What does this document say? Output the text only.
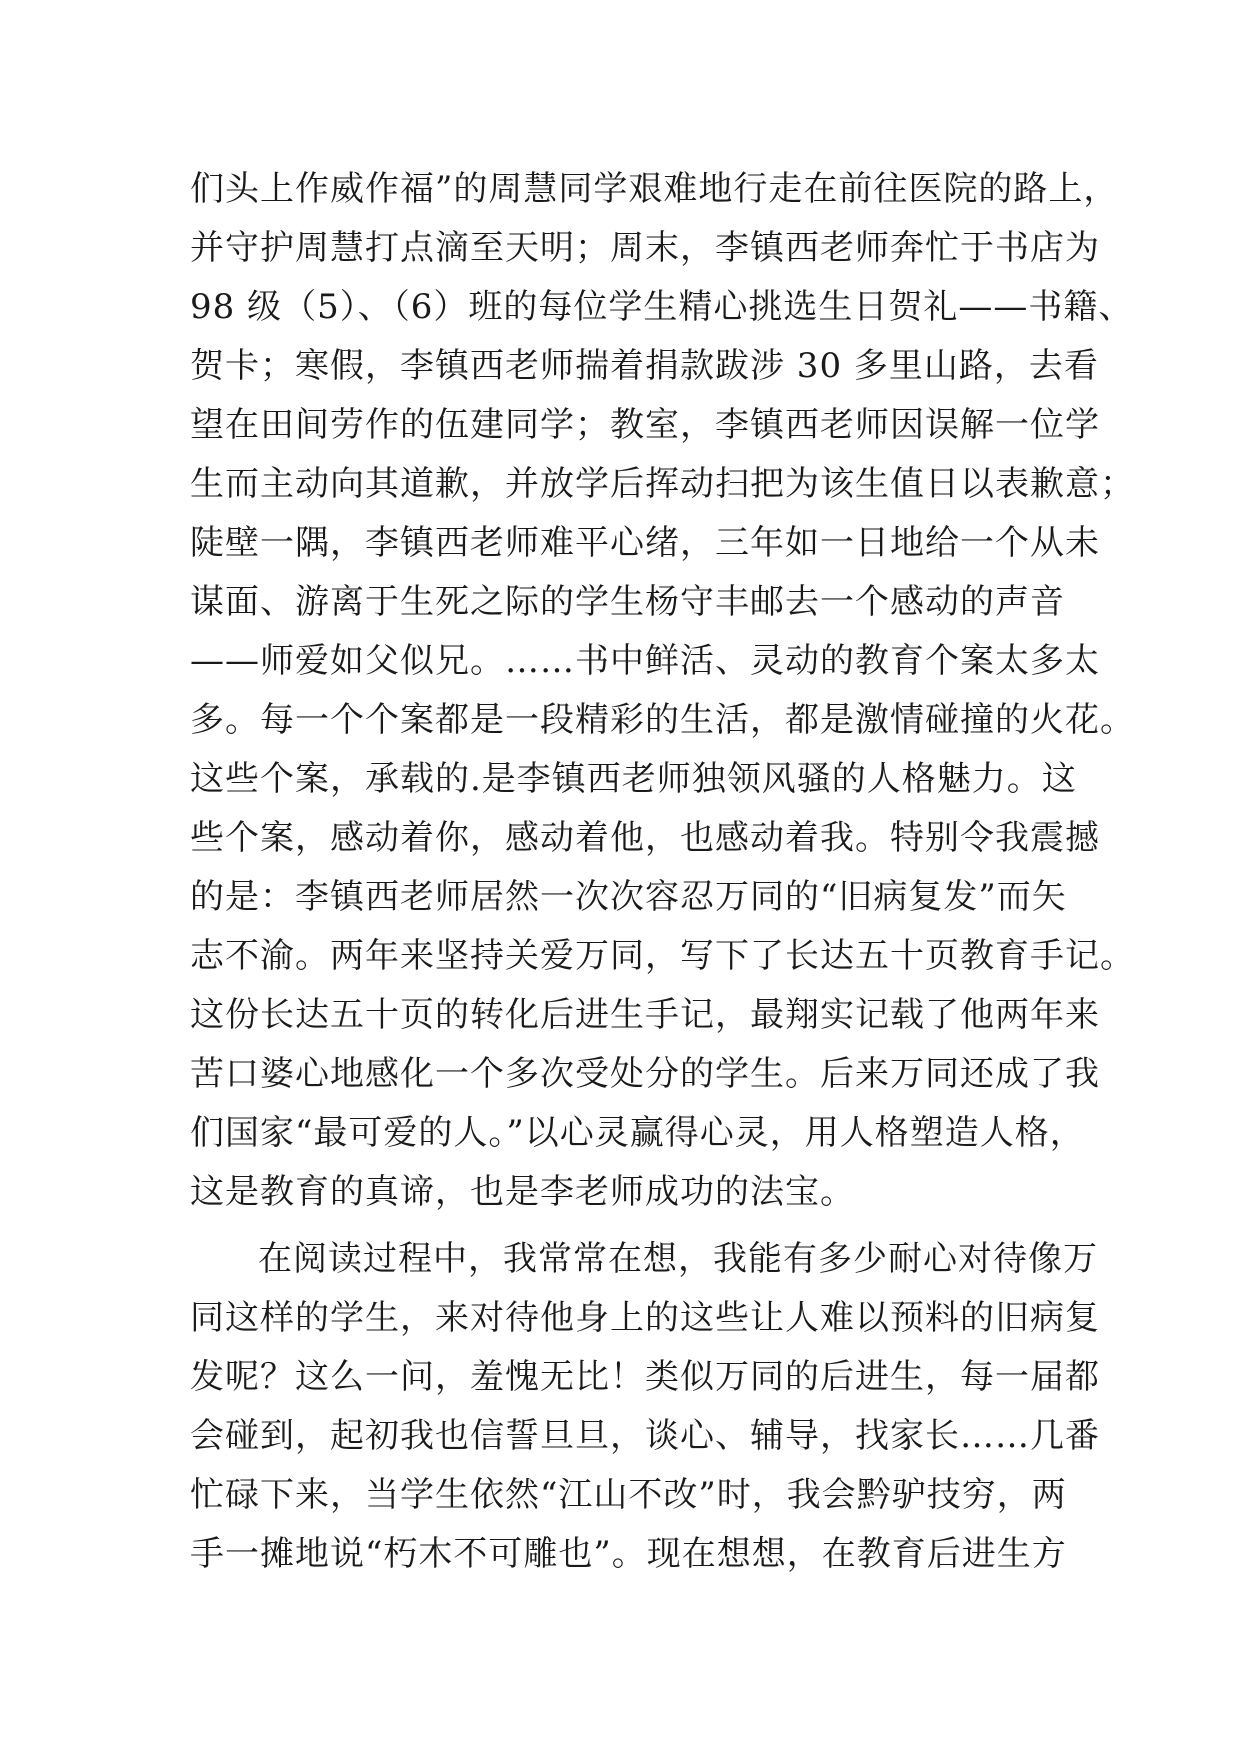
们头上作威作福”的周慧同学艰难地行走在前往医院的路上，
并守护周慧打点滴至天明；周末，李镇西老师奔忙于书店为
98 级（5）、（6）班的每位学生精心挑选生日贺礼——书籍、
贺卡；寒假，李镇西老师揣着捐款跋涉 30 多里山路，去看
望在田间劳作的伍建同学；教室，李镇西老师因误解一位学
生而主动向其道歉，并放学后挥动扫把为该生值日以表歉意；
陡壁一隅，李镇西老师难平心绪，三年如一日地给一个从未
谋面、游离于生死之际的学生杨守丰邮去一个感动的声音
——师爱如父似兄。……书中鲜活、灵动的教育个案太多太
多。每一个个案都是一段精彩的生活，都是激情碰撞的火花。
这些个案，承载的.是李镇西老师独领风骚的人格魅力。这
些个案，感动着你，感动着他，也感动着我。特别令我震撼
的是：李镇西老师居然一次次容忍万同的“旧病复发”而矢
志不渝。两年来坚持关爱万同，写下了长达五十页教育手记。
这份长达五十页的转化后进生手记，最翔实记载了他两年来
苦口婆心地感化一个多次受处分的学生。后来万同还成了我
们国家“最可爱的人。”以心灵赢得心灵，用人格塑造人格，
这是教育的真谛，也是李老师成功的法宝。
在阅读过程中，我常常在想，我能有多少耐心对待像万
同这样的学生，来对待他身上的这些让人难以预料的旧病复
发呢？这么一问，羞愧无比！类似万同的后进生，每一届都
会碰到，起初我也信誓旦旦，谈心、辅导，找家长……几番
忙碌下来，当学生依然“江山不改”时，我会黔驴技穷，两
手一摊地说“朽木不可雕也”。现在想想，在教育后进生方
